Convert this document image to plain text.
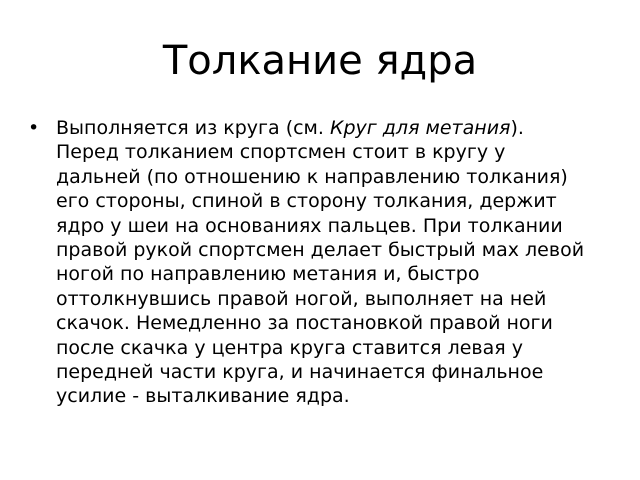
Толкание ядра
• Выполняется из круга (см. Круг для метания). Перед толканием спортсмен стоит в кругу у дальней (по отношению к направлению толкания) его стороны, спиной в сторону толкания, держит ядро у шеи на основаниях пальцев. При толкании правой рукой спортсмен делает быстрый мах левой ногой по направлению метания и, быстро оттолкнувшись правой ногой, выполняет на ней скачок. Немедленно за постановкой правой ноги после скачка у центра круга ставится левая у передней части круга, и начинается финальное усилие - выталкивание ядра.
